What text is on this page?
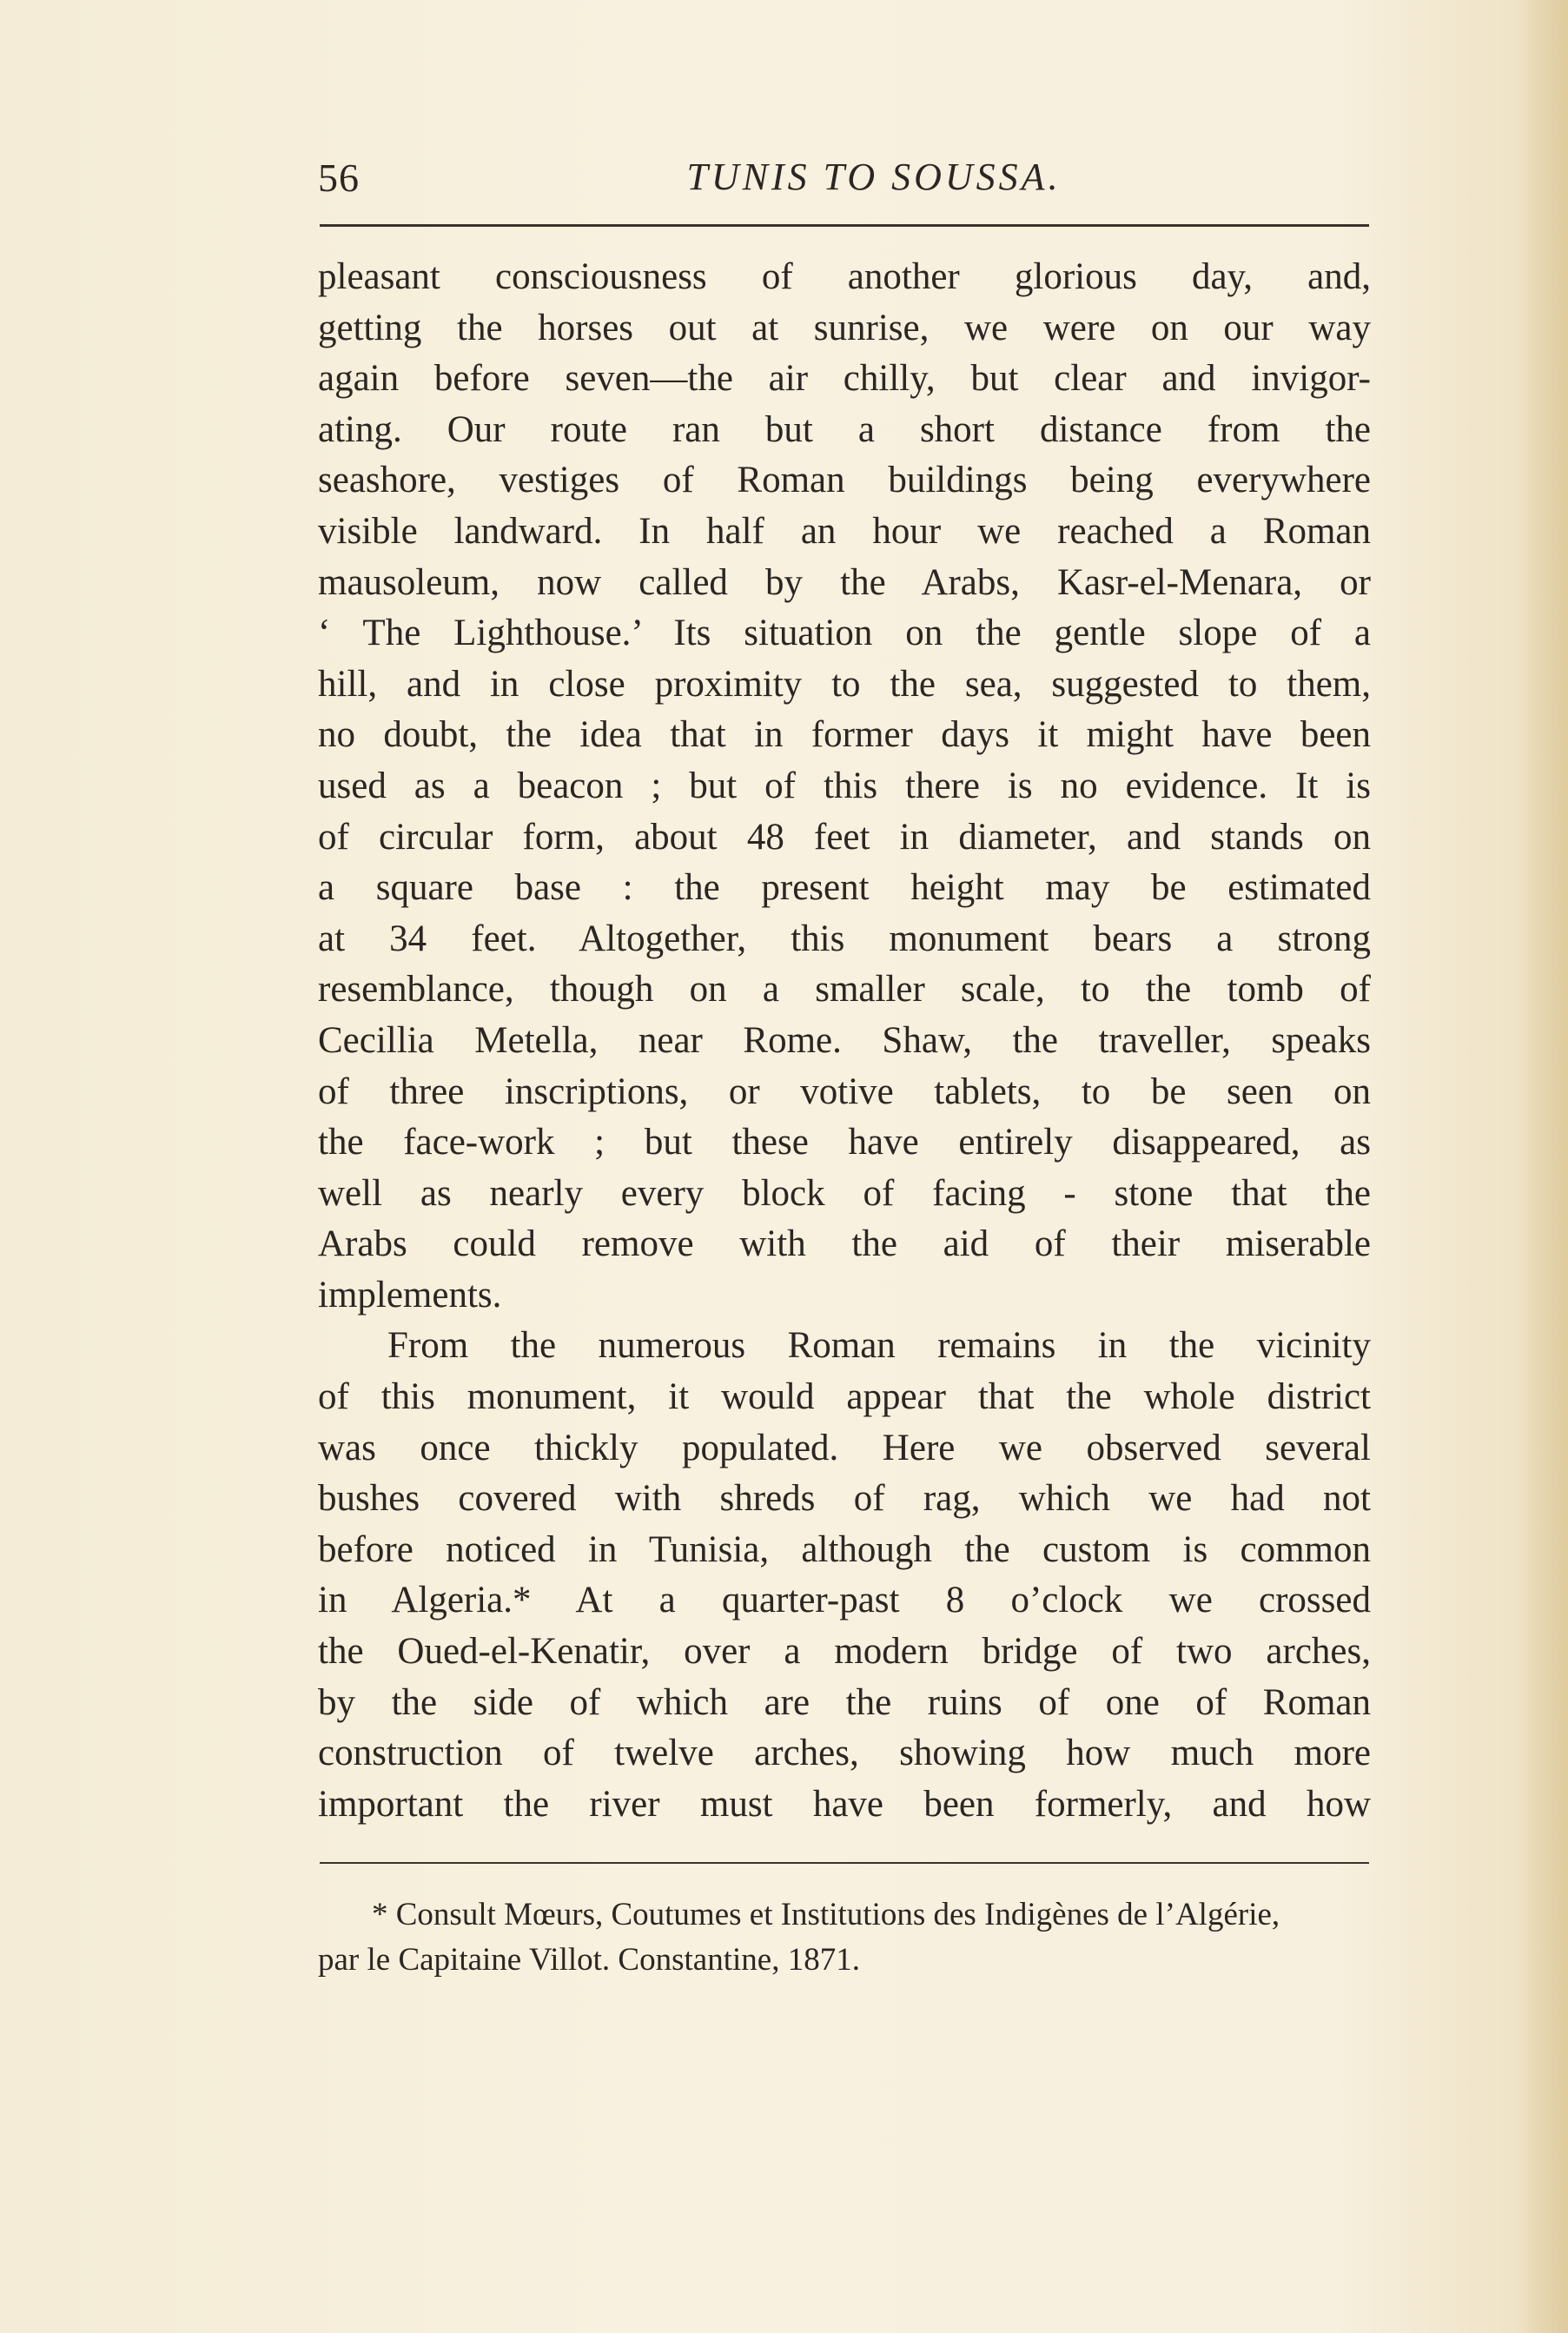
56	TUNIS TO SOUSSA.
pleasant consciousness of another glorious day, and,
getting the horses out at sunrise, we were on our way
again before seven—the air chilly, but clear and invigor-
ating. Our route ran but a short distance from the
seashore, vestiges of Roman buildings being everywhere
visible landward. In half an hour we reached a Roman
mausoleum, now called by the Arabs, Kasr-el-Menara, or
‘ The Lighthouse.’ Its situation on the gentle slope of a
hill, and in close proximity to the sea, suggested to them,
no doubt, the idea that in former days it might have been
used as a beacon ; but of this there is no evidence. It is
of circular form, about 48 feet in diameter, and stands on
a square base : the present height may be estimated
at 34 feet. Altogether, this monument bears a strong
resemblance, though on a smaller scale, to the tomb of
Cecillia Metella, near Rome. Shaw, the traveller, speaks
of three inscriptions, or votive tablets, to be seen on
the face-work ; but these have entirely disappeared, as
well as nearly every block of facing - stone that the
Arabs could remove with the aid of their miserable
implements.
From the numerous Roman remains in the vicinity
of this monument, it would appear that the whole district
was once thickly populated. Here we observed several
bushes covered with shreds of rag, which we had not
before noticed in Tunisia, although the custom is common
in Algeria.* At a quarter-past 8 o’clock we crossed
the Oued-el-Kenatir, over a modern bridge of two arches,
by the side of which are the ruins of one of Roman
construction of twelve arches, showing how much more
important the river must have been formerly, and how
* Consult Mœurs, Coutumes et Institutions des Indigènes de l’Algérie,
par le Capitaine Villot. Constantine, 1871.
